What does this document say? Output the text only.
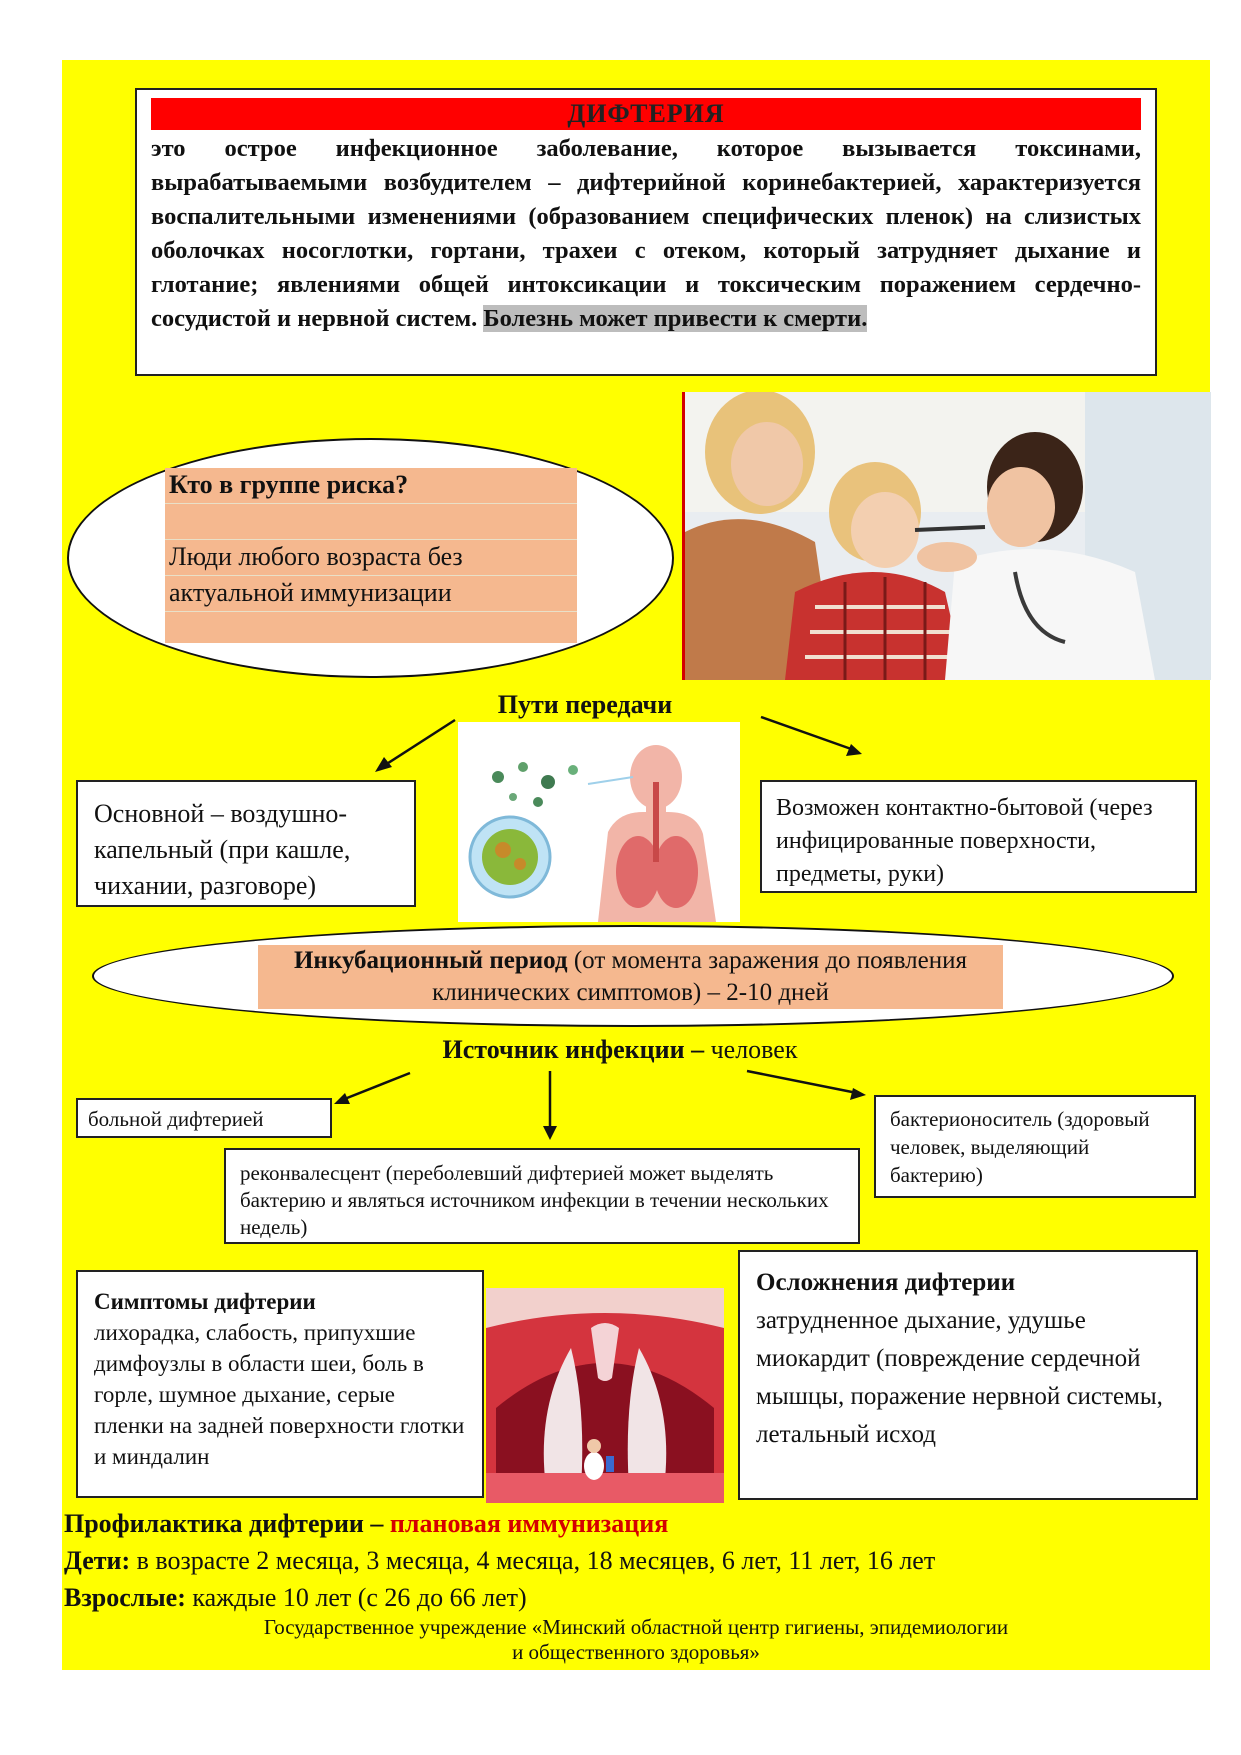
ДИФТЕРИЯ
это острое инфекционное заболевание, которое вызывается токсинами, вырабатываемыми возбудителем – дифтерийной коринебактерией, характеризуется воспалительными изменениями (образованием специфических пленок) на слизистых оболочках носоглотки, гортани, трахеи с отеком, который затрудняет дыхание и глотание; явлениями общей интоксикации и токсическим поражением сердечно-сосудистой и нервной систем. Болезнь может привести к смерти.
Кто в группе риска?
Люди любого возраста без
актуальной иммунизации
Пути передачи
Основной – воздушно-капельный (при кашле, чихании, разговоре)
Возможен контактно-бытовой (через инфицированные поверхности, предметы, руки)
Инкубационный период (от момента заражения до появления клинических симптомов) – 2-10 дней
Источник инфекции – человек
больной дифтерией
реконвалесцент (переболевший дифтерией может выделять бактерию и являться источником инфекции в течении нескольких недель)
бактерионоситель (здоровый человек, выделяющий бактерию)
Симптомы дифтерии
лихорадка, слабость, припухшие димфоузлы в области шеи, боль в горле, шумное дыхание, серые пленки на задней поверхности глотки и миндалин
Осложнения дифтерии
затрудненное дыхание, удушье миокардит (повреждение сердечной мышцы, поражение нервной системы, летальный исход
Профилактика дифтерии – плановая иммунизация
Дети: в возрасте 2 месяца, 3 месяца, 4 месяца, 18 месяцев, 6 лет, 11 лет, 16 лет
Взрослые: каждые 10 лет (с 26 до 66 лет)
Государственное учреждение «Минский областной центр гигиены, эпидемиологии
и общественного здоровья»
